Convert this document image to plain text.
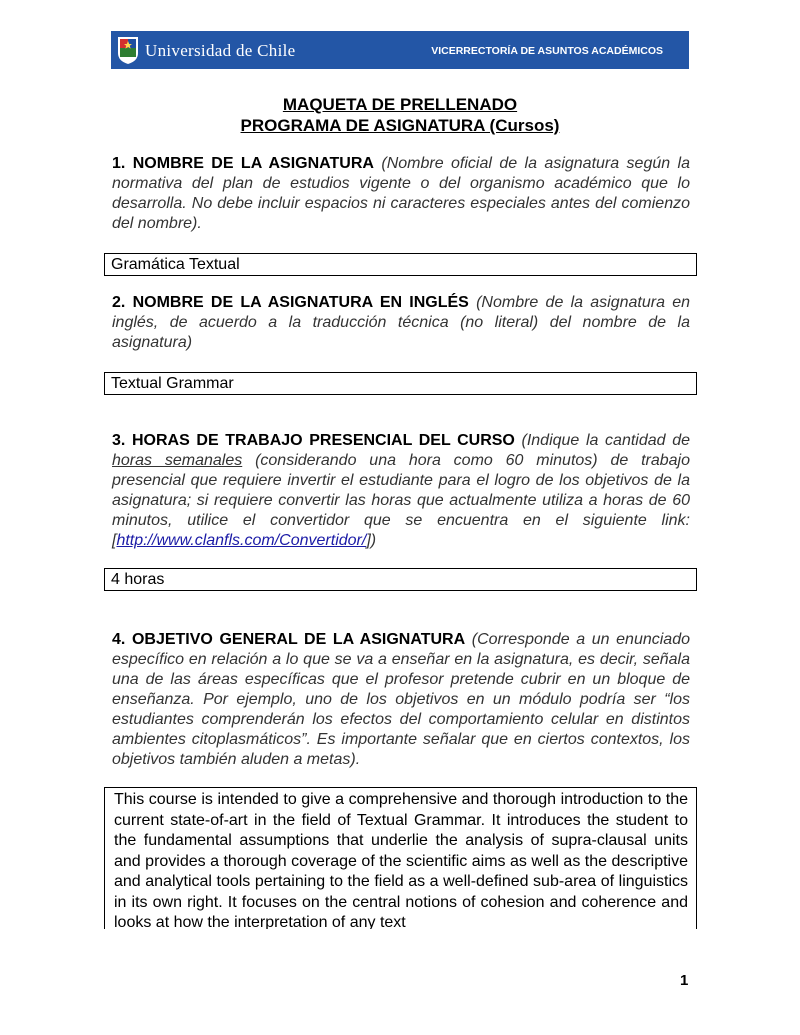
Universidad de Chile	VICERRECTORÍA DE ASUNTOS ACADÉMICOS
MAQUETA DE PRELLENADO
PROGRAMA DE ASIGNATURA (Cursos)
1. NOMBRE DE LA ASIGNATURA (Nombre oficial de la asignatura según la normativa del plan de estudios vigente o del organismo académico que lo desarrolla. No debe incluir espacios ni caracteres especiales antes del comienzo del nombre).
Gramática Textual
2. NOMBRE DE LA ASIGNATURA EN INGLÉS (Nombre de la asignatura en inglés, de acuerdo a la traducción técnica (no literal) del nombre de la asignatura)
Textual Grammar
3. HORAS DE TRABAJO PRESENCIAL DEL CURSO (Indique la cantidad de horas semanales (considerando una hora como 60 minutos) de trabajo presencial que requiere invertir el estudiante para el logro de los objetivos de la asignatura; si requiere convertir las horas que actualmente utiliza a horas de 60 minutos, utilice el convertidor que se encuentra en el siguiente link: [http://www.clanfls.com/Convertidor/])
4 horas
4. OBJETIVO GENERAL DE LA ASIGNATURA (Corresponde a un enunciado específico en relación a lo que se va a enseñar en la asignatura, es decir, señala una de las áreas específicas que el profesor pretende cubrir en un bloque de enseñanza. Por ejemplo, uno de los objetivos en un módulo podría ser “los estudiantes comprenderán los efectos del comportamiento celular en distintos ambientes citoplasmáticos”. Es importante señalar que en ciertos contextos, los objetivos también aluden a metas).
This course is intended to give a comprehensive and thorough introduction to the current state-of-art in the field of Textual Grammar. It introduces the student to the fundamental assumptions that underlie the analysis of supra-clausal units and provides a thorough coverage of the scientific aims as well as the descriptive and analytical tools pertaining to the field as a well-defined sub-area of linguistics in its own right. It focuses on the central notions of cohesion and coherence and looks at how the interpretation of any text
1
